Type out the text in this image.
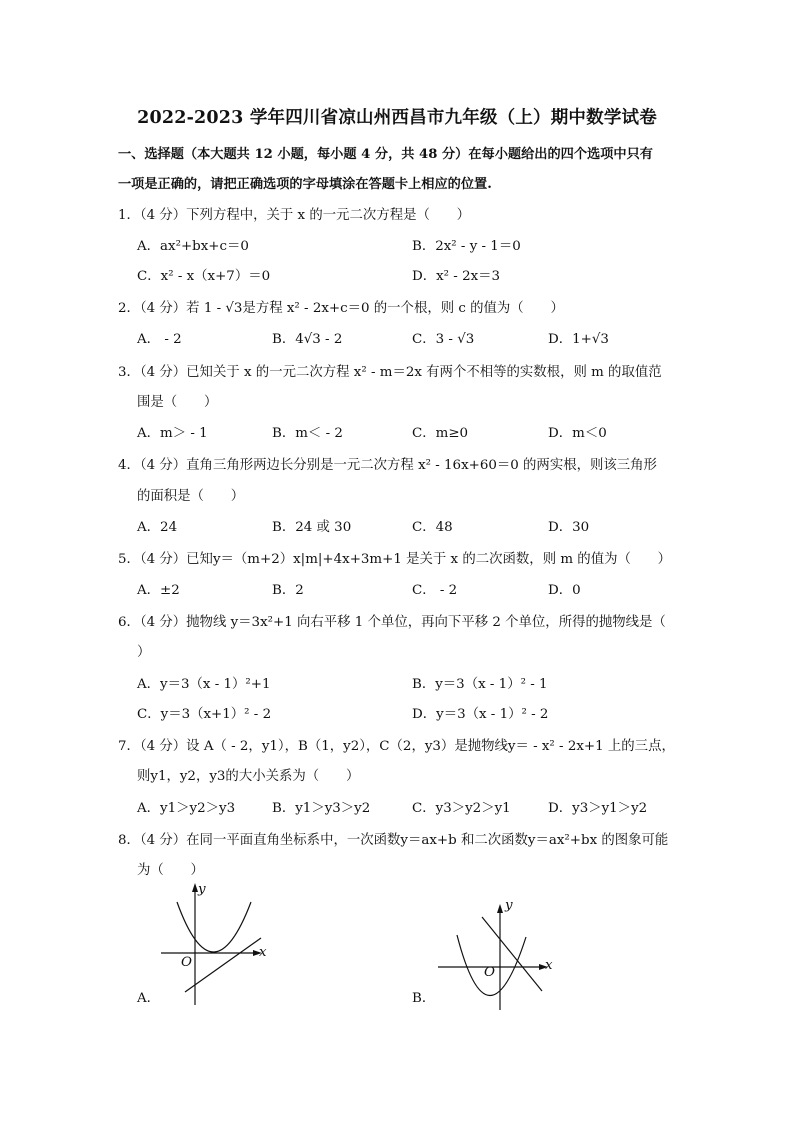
2022-2023 学年四川省凉山州西昌市九年级（上）期中数学试卷
一、选择题（本大题共 12 小题，每小题 4 分，共 48 分）在每小题给出的四个选项中只有
一项是正确的，请把正确选项的字母填涂在答题卡上相应的位置.
1．（4 分）下列方程中，关于 x 的一元二次方程是（　　）
A．ax²+bx+c＝0	B．2x² - y - 1＝0
C．x² - x（x+7）＝0	D．x² - 2x＝3
2．（4 分）若 1 - √3是方程 x² - 2x+c＝0 的一个根，则 c 的值为（　　）
A． - 2	B．4√3 - 2	C．3 - √3	D．1+√3
3．（4 分）已知关于 x 的一元二次方程 x² - m＝2x 有两个不相等的实数根，则 m 的取值范
围是（　　）
A．m＞ - 1	B．m＜ - 2	C．m≥0	D．m＜0
4．（4 分）直角三角形两边长分别是一元二次方程 x² - 16x+60＝0 的两实根，则该三角形
的面积是（　　）
A．24	B．24 或 30	C．48	D．30
5．（4 分）已知y＝（m+2）x|m|+4x+3m+1 是关于 x 的二次函数，则 m 的值为（　　）
A．±2	B．2	C． - 2	D．0
6．（4 分）抛物线 y＝3x²+1 向右平移 1 个单位，再向下平移 2 个单位，所得的抛物线是（
）
A．y＝3（x - 1）²+1	B．y＝3（x - 1）² - 1
C．y＝3（x+1）² - 2	D．y＝3（x - 1）² - 2
7．（4 分）设 A（ - 2，y1），B（1，y2），C（2，y3）是抛物线y＝ - x² - 2x+1 上的三点，
则y1，y2，y3的大小关系为（　　）
A．y1＞y2＞y3	B．y1＞y3＞y2	C．y3＞y2＞y1	D．y3＞y1＞y2
8．（4 分）在同一平面直角坐标系中，一次函数y＝ax+b 和二次函数y＝ax²+bx 的图象可能
为（　　）
y
x
O
A．
y
x
O
B．
